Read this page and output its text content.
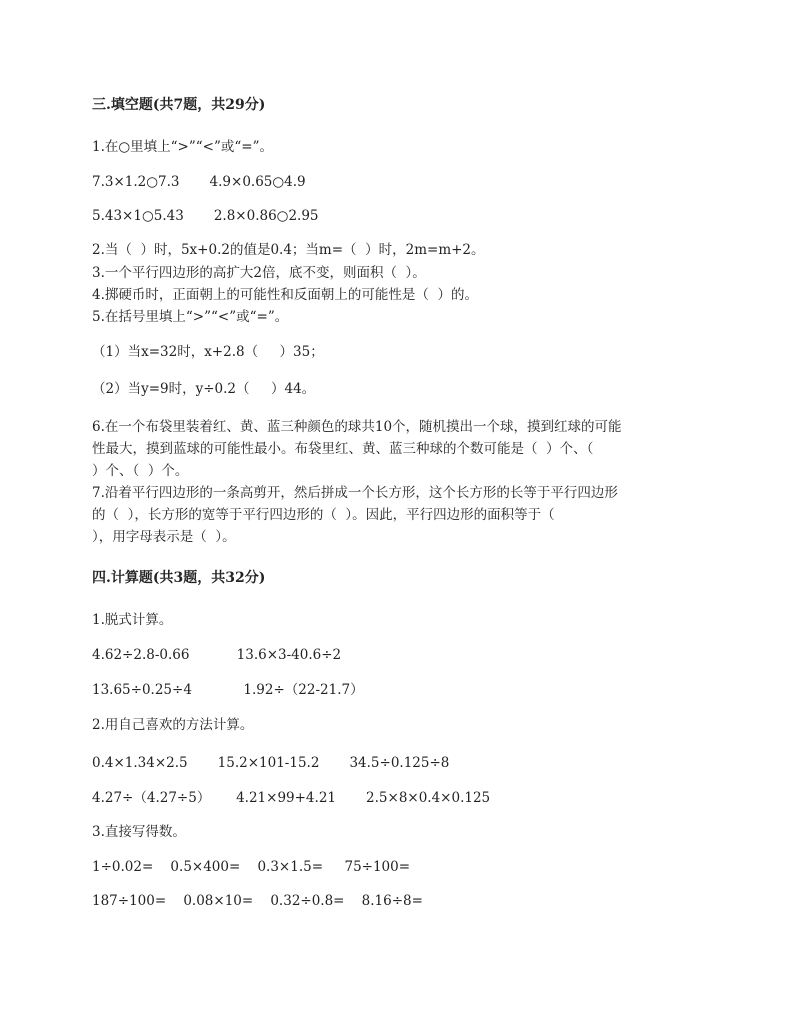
三.填空题(共7题，共29分)
1.在○里填上“>”“<”或“=”。
7.3×1.2○7.3       4.9×0.65○4.9
5.43×1○5.43       2.8×0.86○2.95
2.当（  ）时，5x+0.2的值是0.4；当m=（  ）时，2m=m+2。
3.一个平行四边形的高扩大2倍，底不变，则面积（  ）。
4.掷硬币时，正面朝上的可能性和反面朝上的可能性是（  ）的。
5.在括号里填上“>”“<”或“=”。
（1）当x=32时，x+2.8（     ）35；
（2）当y=9时，y÷0.2（     ）44。
6.在一个布袋里装着红、黄、蓝三种颜色的球共10个，随机摸出一个球，摸到红球的可能
性最大，摸到蓝球的可能性最小。布袋里红、黄、蓝三种球的个数可能是（  ）个、（
）个、（  ）个。
7.沿着平行四边形的一条高剪开，然后拼成一个长方形，这个长方形的长等于平行四边形
的（  ），长方形的宽等于平行四边形的（  ）。因此，平行四边形的面积等于（
），用字母表示是（  ）。
四.计算题(共3题，共32分)
1.脱式计算。
4.62÷2.8-0.66           13.6×3-40.6÷2
13.65÷0.25÷4            1.92÷（22-21.7）
2.用自己喜欢的方法计算。
0.4×1.34×2.5       15.2×101-15.2       34.5÷0.125÷8
4.27÷（4.27÷5）      4.21×99+4.21       2.5×8×0.4×0.125
3.直接写得数。
1÷0.02=    0.5×400=    0.3×1.5=     75÷100=
187÷100=    0.08×10=    0.32÷0.8=    8.16÷8=
